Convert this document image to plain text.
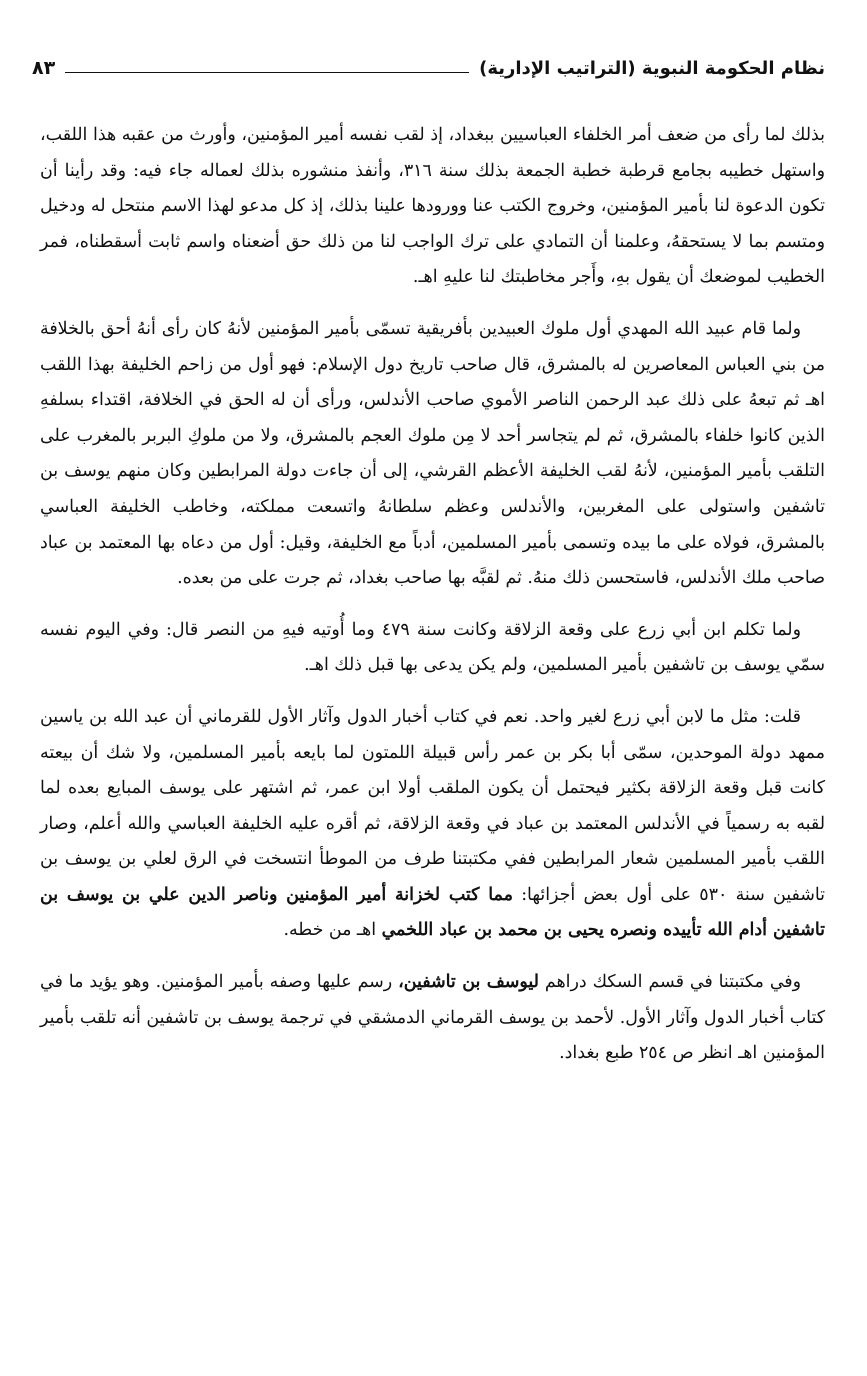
نظام الحكومة النبوية (التراتيب الإدارية)
٨٣

بذلك لما رأى من ضعف أمر الخلفاء العباسيين ببغداد، إذ لقب نفسه أمير المؤمنين، وأورث من عقبه هذا اللقب، واستهل خطيبه بجامع قرطبة خطبة الجمعة بذلك سنة ٣١٦، وأنفذ منشوره بذلك لعماله جاء فيه: وقد رأينا أن تكون الدعوة لنا بأمير المؤمنين، وخروج الكتب عنا وورودها علينا بذلك، إذ كل مدعو لهذا الاسم منتحل له ودخيل ومتسم بما لا يستحقهُ، وعلمنا أن التمادي على ترك الواجب لنا من ذلك حق أضعناه واسم ثابت أسقطناه، فمر الخطيب لموضعك أن يقول بهِ، وأَجر مخاطبتك لنا عليهِ اهـ.

ولما قام عبيد الله المهدي أول ملوك العبيدين بأفريقية تسمّى بأمير المؤمنين لأنهُ كان رأى أنهُ أحق بالخلافة من بني العباس المعاصرين له بالمشرق، قال صاحب تاريخ دول الإسلام: فهو أول من زاحم الخليفة بهذا اللقب اهـ ثم تبعهُ على ذلك عبد الرحمن الناصر الأموي صاحب الأندلس، ورأى أن له الحق في الخلافة، اقتداء بسلفهِ الذين كانوا خلفاء بالمشرق، ثم لم يتجاسر أحد لا مِن ملوك العجم بالمشرق، ولا من ملوكِ البربر بالمغرب على التلقب بأمير المؤمنين، لأنهُ لقب الخليفة الأعظم القرشي، إلى أن جاءت دولة المرابطين وكان منهم يوسف بن تاشفين واستولى على المغربين، والأندلس وعظم سلطانهُ واتسعت مملكته، وخاطب الخليفة العباسي بالمشرق، فولاه على ما بيده وتسمى بأمير المسلمين، أدباً مع الخليفة، وقيل: أول من دعاه بها المعتمد بن عباد صاحب ملك الأندلس، فاستحسن ذلك منهُ. ثم لقبَّه بها صاحب بغداد، ثم جرت على من بعده.

ولما تكلم ابن أبي زرع على وقعة الزلاقة وكانت سنة ٤٧٩ وما أُوتيه فيهِ من النصر قال: وفي اليوم نفسه سمّي يوسف بن تاشفين بأمير المسلمين، ولم يكن يدعى بها قبل ذلك اهـ.

قلت: مثل ما لابن أبي زرع لغير واحد. نعم في كتاب أخبار الدول وآثار الأول للقرماني أن عبد الله بن ياسين ممهد دولة الموحدين، سمّى أبا بكر بن عمر رأس قبيلة اللمتون لما بايعه بأمير المسلمين، ولا شك أن بيعته كانت قبل وقعة الزلاقة بكثير فيحتمل أن يكون الملقب أولا ابن عمر، ثم اشتهر على يوسف المبايع بعده لما لقبه به رسمياً في الأندلس المعتمد بن عباد في وقعة الزلاقة، ثم أقره عليه الخليفة العباسي والله أعلم، وصار اللقب بأمير المسلمين شعار المرابطين ففي مكتبتنا طرف من الموطأ انتسخت في الرق لعلي بن يوسف بن تاشفين سنة ٥٣٠ على أول بعض أجزائها: مما كتب لخزانة أمير المؤمنين وناصر الدين علي بن يوسف بن تاشفين أدام الله تأييده ونصره يحيى بن محمد بن عباد اللخمي اهـ من خطه.

وفي مكتبتنا في قسم السكك دراهم ليوسف بن تاشفين، رسم عليها وصفه بأمير المؤمنين. وهو يؤيد ما في كتاب أخبار الدول وآثار الأول. لأحمد بن يوسف القرماني الدمشقي في ترجمة يوسف بن تاشفين أنه تلقب بأمير المؤمنين اهـ انظر ص ٢٥٤ طبع بغداد.
